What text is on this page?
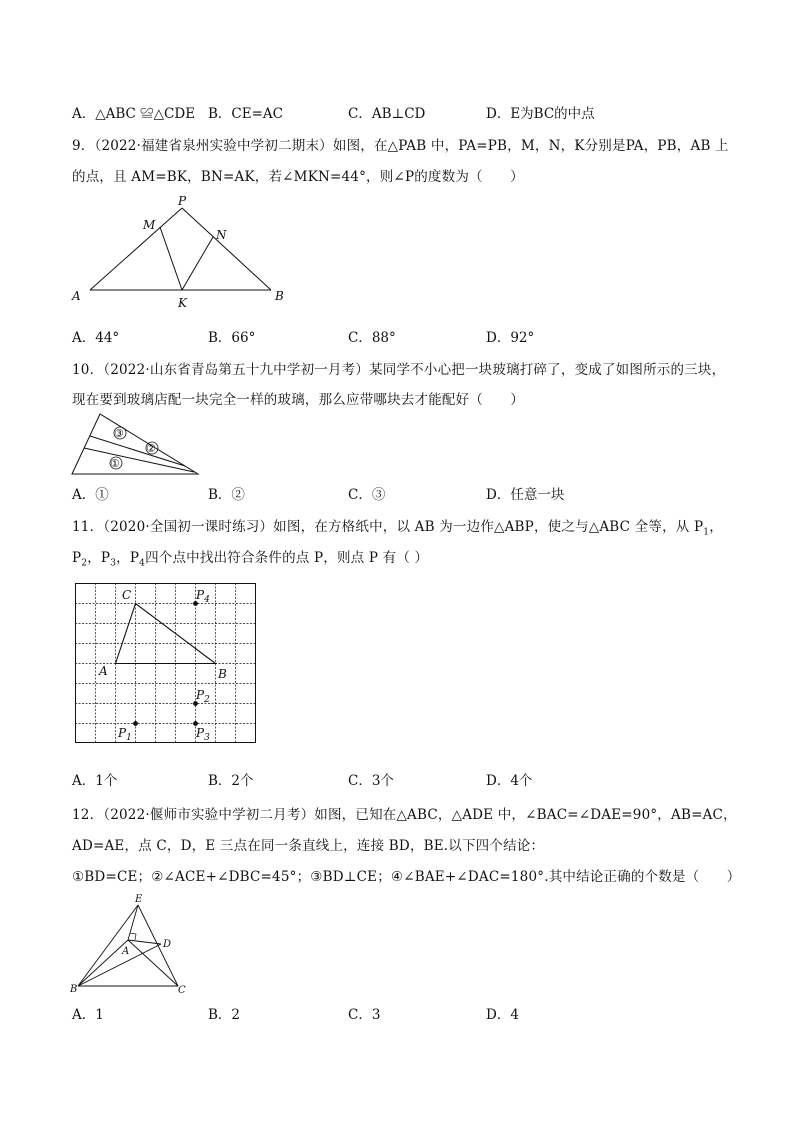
A．△ABC ≌△CDE B．CE=AC	C．AB⊥CD	D．E为BC的中点
9．（2022·福建省泉州实验中学初二期末）如图，在△PAB 中，PA=PB，M，N，K分别是PA，PB，AB 上
的点，且 AM=BK，BN=AK，若∠MKN=44°，则∠P的度数为（　　）
P
M
N
A	K	B
A．44°	B．66°	C．88°	D．92°
10．（2022·山东省青岛第五十九中学初一月考）某同学不小心把一块玻璃打碎了，变成了如图所示的三块，
现在要到玻璃店配一块完全一样的玻璃，那么应带哪块去才能配好（　　）
③
②
①
A．①	B．②	C．③	D．任意一块
11．（2020·全国初一课时练习）如图，在方格纸中，以 AB 为一边作△ABP，使之与△ABC 全等，从 $P_1$，
$P_2$，$P_3$，$P_4$四个点中找出符合条件的点 P，则点 P 有（ ）
C
A	B
$P_4$
$P_2$
$P_1$	$P_3$
A．1个	B．2个	C．3个	D．4个
12．（2022·偃师市实验中学初二月考）如图，已知在△ABC，△ADE 中，∠BAC=∠DAE=90°，AB=AC，
AD=AE，点 C，D，E 三点在同一条直线上，连接 BD，BE.以下四个结论：
①BD=CE；②∠ACE+∠DBC=45°；③BD⊥CE；④∠BAE+∠DAC=180°.其中结论正确的个数是（　　）
E
D
A
B	C
A．1	B．2	C．3	D．4
